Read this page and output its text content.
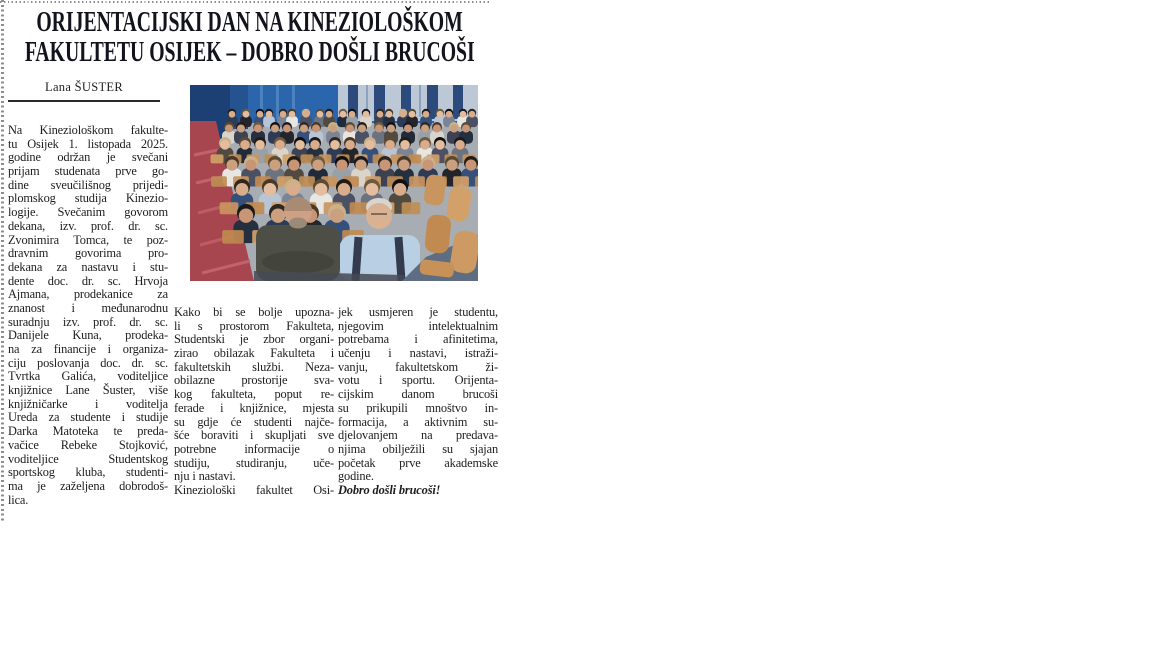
ORIJENTACIJSKI DAN NA KINEZIOLOŠKOM
FAKULTETU OSIJEK – DOBRO DOŠLI BRUCOŠI
Lana ŠUSTER
Na Kineziološkom fakulte-
tu Osijek 1. listopada 2025.
godine održan je svečani
prijam studenata prve go-
dine sveučilišnog prijedi-
plomskog studija Kinezio-
logije. Svečanim govorom
dekana, izv. prof. dr. sc.
Zvonimira Tomca, te poz-
dravnim govorima pro-
dekana za nastavu i stu-
dente doc. dr. sc. Hrvoja
Ajmana, prodekanice za
znanost i međunarodnu
suradnju izv. prof. dr. sc.
Danijele Kuna, prodeka-
na za financije i organiza-
ciju poslovanja doc. dr. sc.
Tvrtka Galića, voditeljice
knjižnice Lane Šuster, više
knjižničarke i voditelja
Ureda za studente i studije
Darka Matoteka te preda-
vačice Rebeke Stojković,
voditeljice Studentskog
sportskog kluba, studenti-
ma je zaželjena dobrodoš-
lica.
Kako bi se bolje upozna-
li s prostorom Fakulteta,
Studentski je zbor organi-
zirao obilazak Fakulteta i
fakultetskih službi. Neza-
obilazne prostorije sva-
kog fakulteta, poput re-
ferade i knjižnice, mjesta
su gdje će studenti najče-
šće boraviti i skupljati sve
potrebne informacije o
studiju, studiranju, uče-
nju i nastavi.
Kineziološki fakultet Osi-
jek usmjeren je studentu,
njegovim intelektualnim
potrebama i afinitetima,
učenju i nastavi, istraži-
vanju, fakultetskom ži-
votu i sportu. Orijenta-
cijskim danom brucoši
su prikupili mnoštvo in-
formacija, a aktivnim su-
djelovanjem na predava-
njima obilježili su sjajan
početak prve akademske
godine.
Dobro došli brucoši!
